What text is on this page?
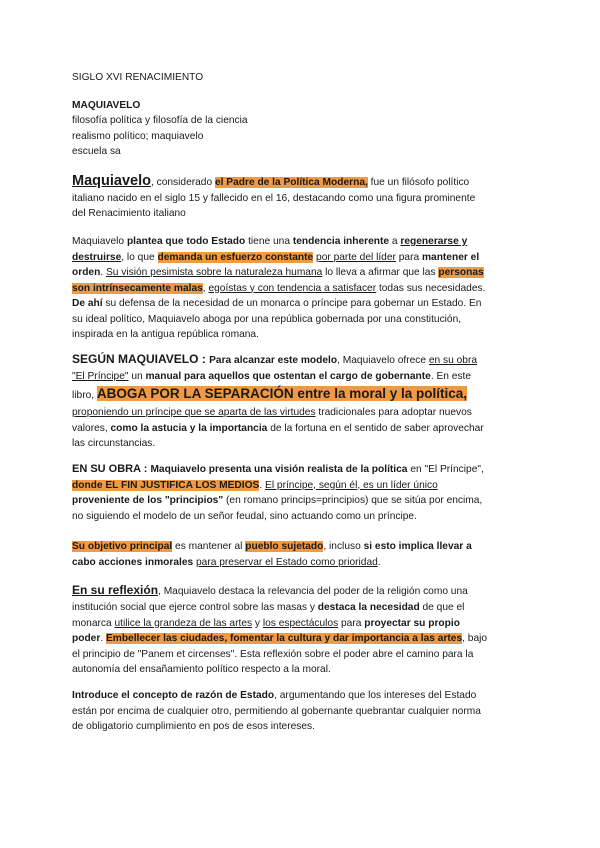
SIGLO XVI RENACIMIENTO
MAQUIAVELO
filosofía política y filosofía de la ciencia
realismo político; maquiavelo
escuela sa
Maquiavelo, considerado el Padre de la Política Moderna, fue un filósofo político
italiano nacido en el siglo 15 y fallecido en el 16, destacando como una figura prominente
del Renacimiento italiano
Maquiavelo plantea que todo Estado tiene una tendencia inherente a regenerarse y
destruirse, lo que demanda un esfuerzo constante por parte del líder para mantener el
orden. Su visión pesimista sobre la naturaleza humana lo lleva a afirmar que las personas
son intrínsecamente malas, egoístas y con tendencia a satisfacer todas sus necesidades.
De ahí su defensa de la necesidad de un monarca o príncipe para gobernar un Estado. En
su ideal político, Maquiavelo aboga por una república gobernada por una constitución,
inspirada en la antigua república romana.
SEGÚN MAQUIAVELO : Para alcanzar este modelo, Maquiavelo ofrece en su obra
"El Príncipe" un manual para aquellos que ostentan el cargo de gobernante. En este
libro, ABOGA POR LA SEPARACIÓN entre la moral y la política,
proponiendo un príncipe que se aparta de las virtudes tradicionales para adoptar nuevos
valores, como la astucia y la importancia de la fortuna en el sentido de saber aprovechar
las circunstancias.
EN SU OBRA : Maquiavelo presenta una visión realista de la política en "El Príncipe",
donde EL FIN JUSTIFICA LOS MEDIOS. El príncipe, según él, es un líder único
proveniente de los "principios" (en romano princips=principios) que se sitúa por encima,
no siguiendo el modelo de un señor feudal, sino actuando como un príncipe.
Su objetivo principal es mantener al pueblo sujetado, incluso si esto implica llevar a
cabo acciones inmorales para preservar el Estado como prioridad.
En su reflexión, Maquiavelo destaca la relevancia del poder de la religión como una
institución social que ejerce control sobre las masas y destaca la necesidad de que el
monarca utilice la grandeza de las artes y los espectáculos para proyectar su propio
poder. Embellecer las ciudades, fomentar la cultura y dar importancia a las artes, bajo
el principio de "Panem et circenses". Esta reflexión sobre el poder abre el camino para la
autonomía del ensañamiento político respecto a la moral.
Introduce el concepto de razón de Estado, argumentando que los intereses del Estado
están por encima de cualquier otro, permitiendo al gobernante quebrantar cualquier norma
de obligatorio cumplimiento en pos de esos intereses.
